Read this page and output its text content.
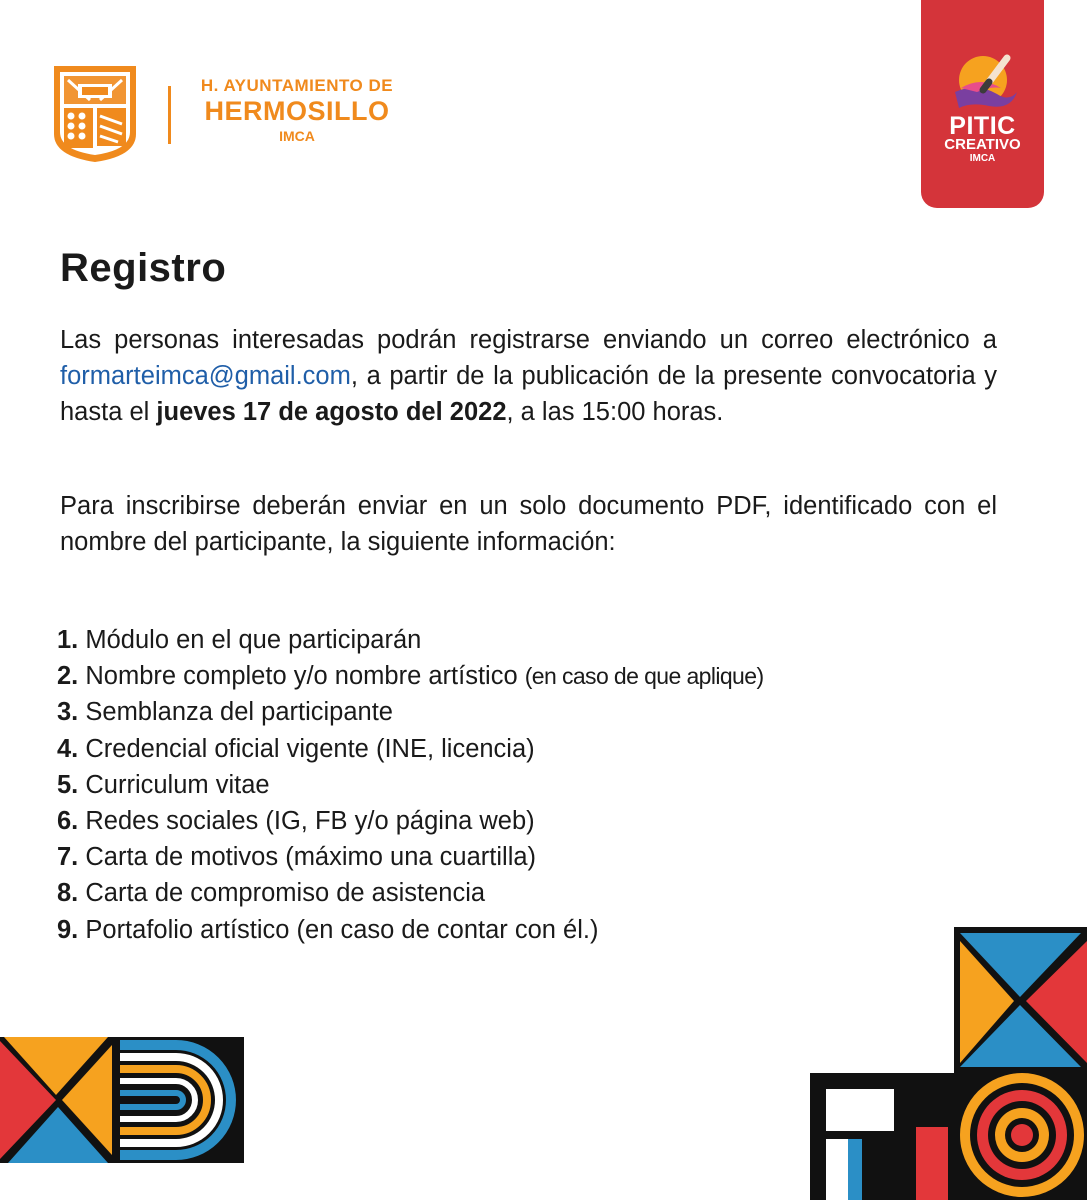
H. AYUNTAMIENTO DE
HERMOSILLO
IMCA	PITIC
CREATIVO
IMCA
Registro

Las personas interesadas podrán registrarse enviando un correo electrónico a formarteimca@gmail.com, a partir de la publicación de la presente convocatoria y hasta el jueves 17 de agosto del 2022, a las 15:00 horas.

Para inscribirse deberán enviar en un solo documento PDF, identificado con el nombre del participante, la siguiente información:

1. Módulo en el que participarán
2. Nombre completo y/o nombre artístico (en caso de que aplique)
3. Semblanza del participante
4. Credencial oficial vigente (INE, licencia)
5. Curriculum vitae
6. Redes sociales (IG, FB y/o página web)
7. Carta de motivos (máximo una cuartilla)
8. Carta de compromiso de asistencia
9. Portafolio artístico (en caso de contar con él.)
